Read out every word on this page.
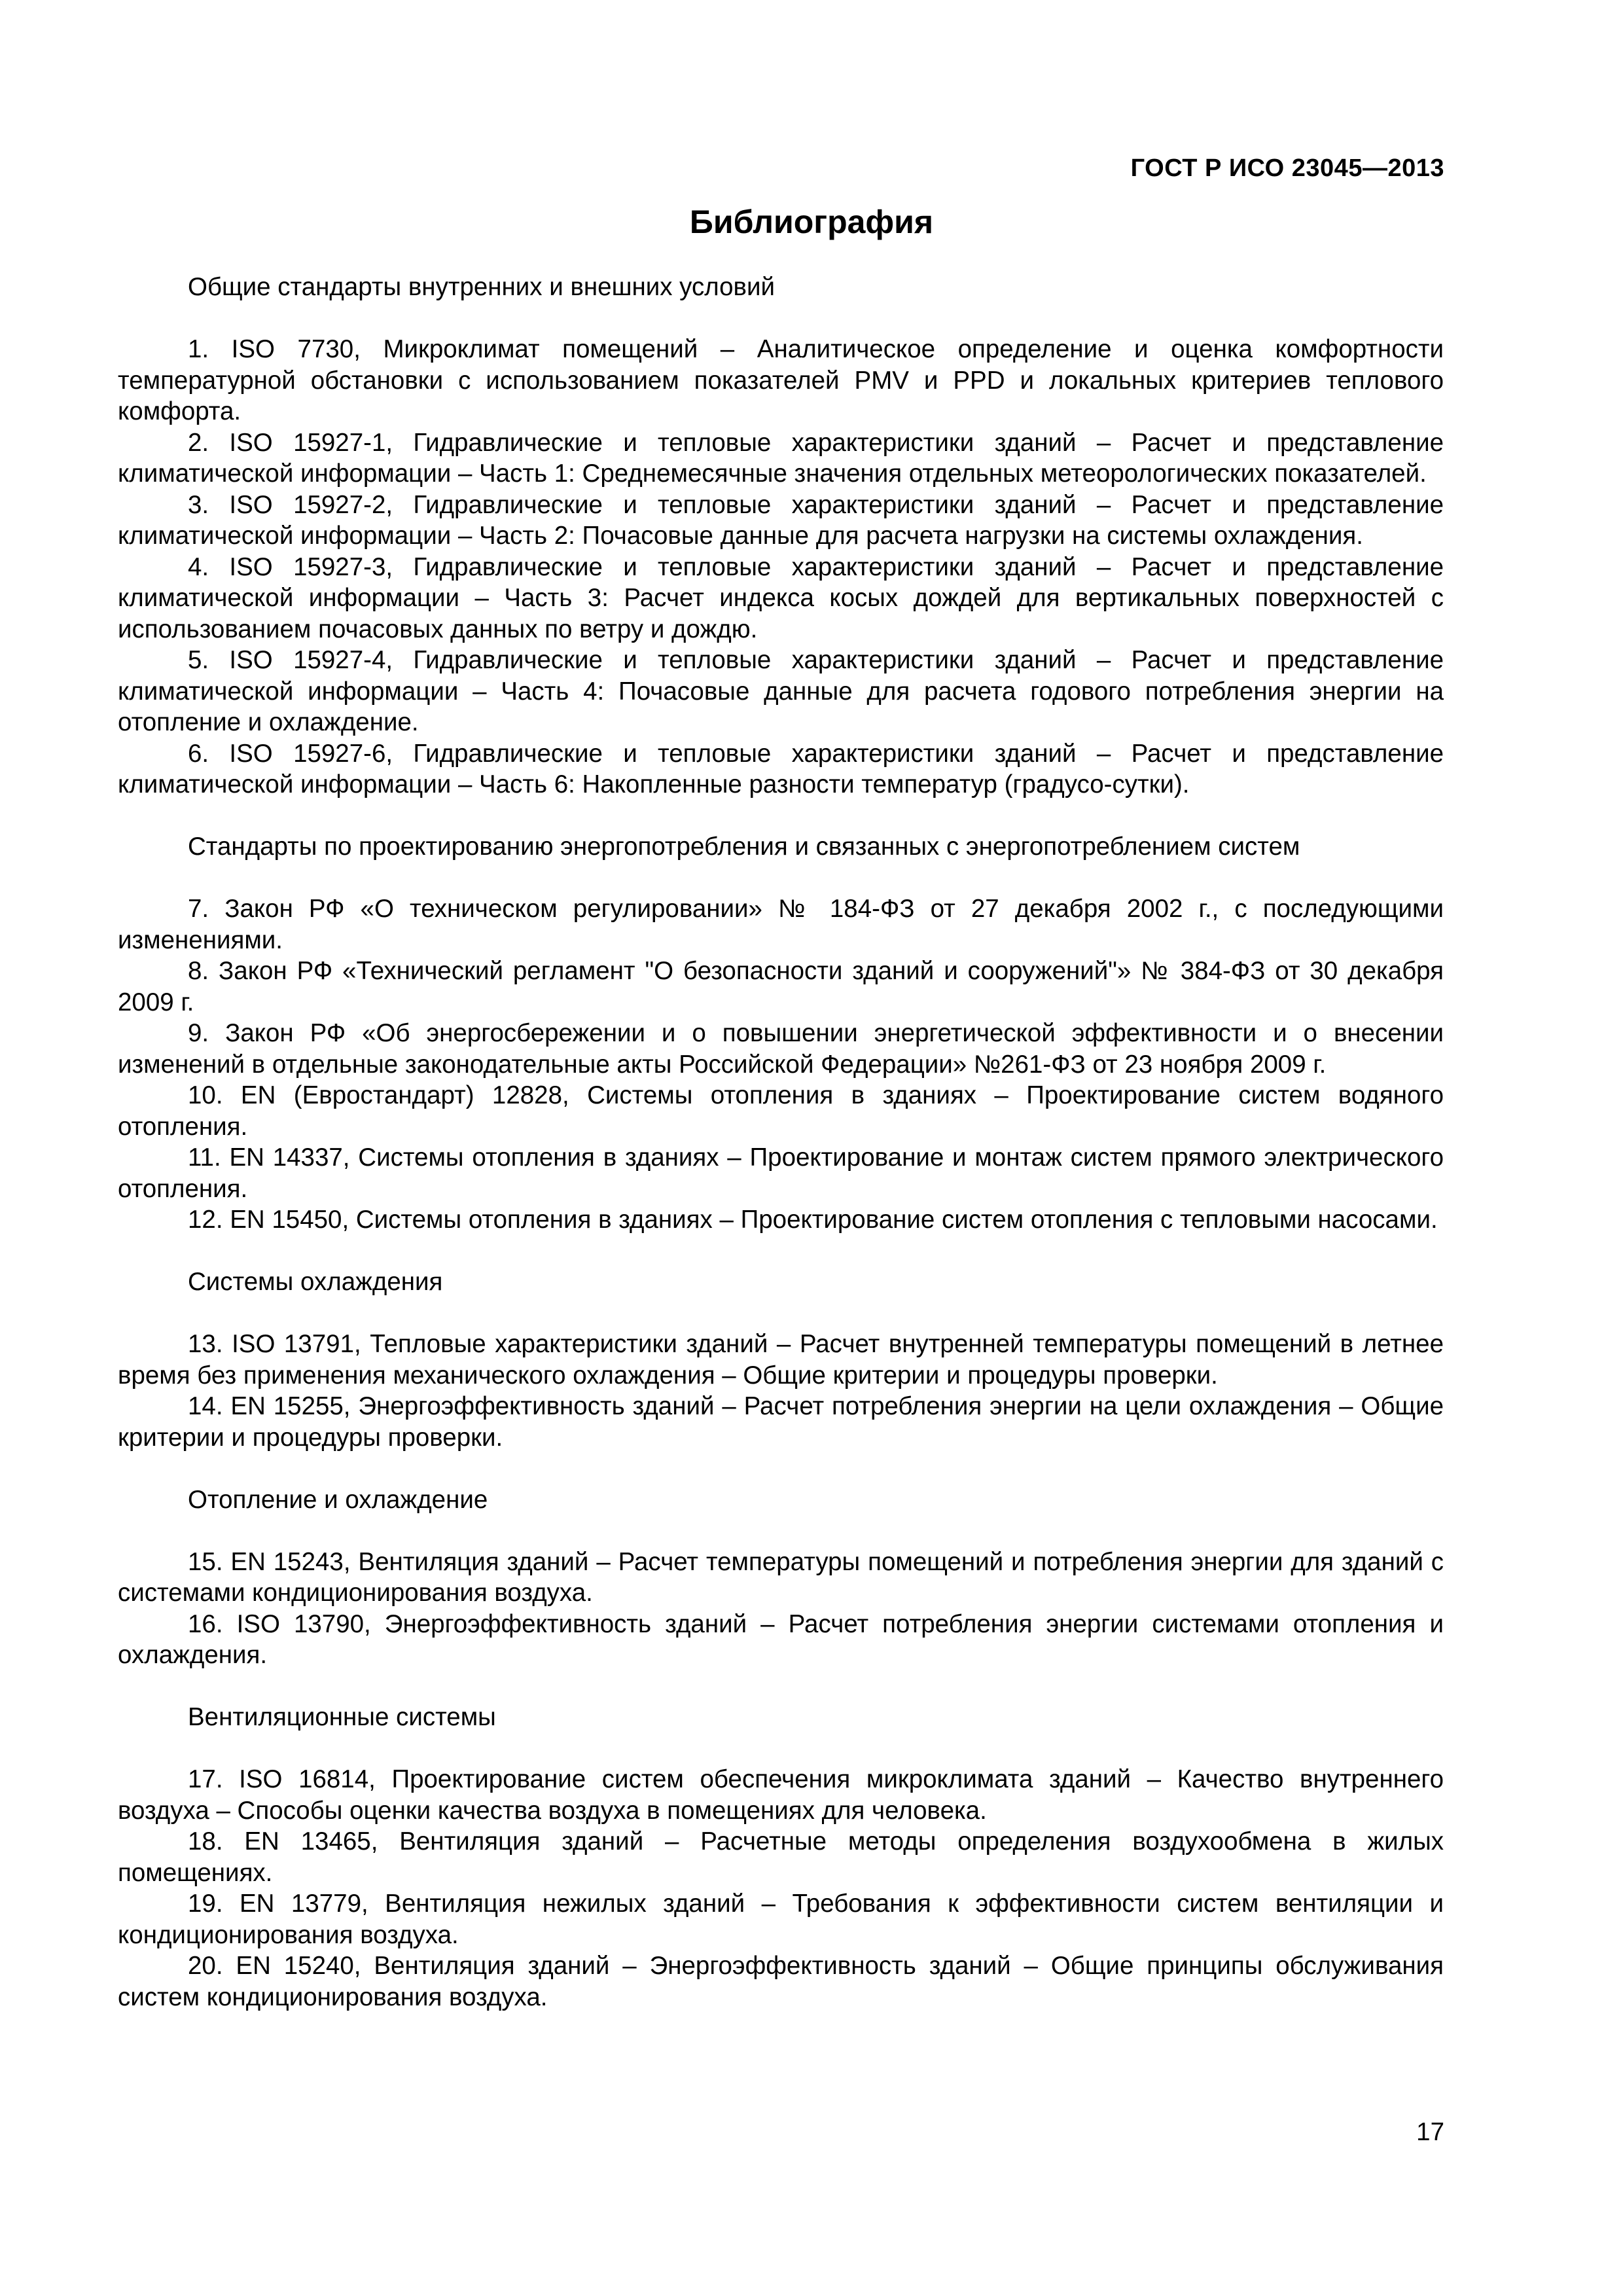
ГОСТ Р ИСО 23045—2013
Библиография

Общие стандарты внутренних и внешних условий

1. ISO 7730, Микроклимат помещений – Аналитическое определение и оценка комфортности температурной обстановки с использованием показателей PMV и PPD и локальных критериев теплового комфорта.

2. ISO 15927-1, Гидравлические и тепловые характеристики зданий – Расчет и представление климатической информации – Часть 1: Среднемесячные значения отдельных метеорологических показателей.

3. ISO 15927-2, Гидравлические и тепловые характеристики зданий – Расчет и представление климатической информации – Часть 2: Почасовые данные для расчета нагрузки на системы охлаждения.

4. ISO 15927-3, Гидравлические и тепловые характеристики зданий – Расчет и представление климатической информации – Часть 3: Расчет индекса косых дождей для вертикальных поверхностей с использованием почасовых данных по ветру и дождю.

5. ISO 15927-4, Гидравлические и тепловые характеристики зданий – Расчет и представление климатической информации – Часть 4: Почасовые данные для расчета годового потребления энергии на отопление и охлаждение.

6. ISO 15927-6, Гидравлические и тепловые характеристики зданий – Расчет и представление климатической информации – Часть 6: Накопленные разности температур (градусо-сутки).

Стандарты по проектированию энергопотребления и связанных с энергопотреблением систем

7. Закон РФ «О техническом регулировании» № 184-ФЗ от 27 декабря 2002 г., с последующими изменениями.

8. Закон РФ «Технический регламент "О безопасности зданий и сооружений"» № 384-ФЗ от 30 декабря 2009 г.

9. Закон РФ «Об энергосбережении и о повышении энергетической эффективности и о внесении изменений в отдельные законодательные акты Российской Федерации» №261-ФЗ от 23 ноября 2009 г.

10. EN (Евростандарт) 12828, Системы отопления в зданиях – Проектирование систем водяного отопления.

11. EN 14337, Системы отопления в зданиях – Проектирование и монтаж систем прямого электрического отопления.

12. EN 15450, Системы отопления в зданиях – Проектирование систем отопления с тепловыми насосами.

Системы охлаждения

13. ISO 13791, Тепловые характеристики зданий – Расчет внутренней температуры помещений в летнее время без применения механического охлаждения – Общие критерии и процедуры проверки.

14. EN 15255, Энергоэффективность зданий – Расчет потребления энергии на цели охлаждения – Общие критерии и процедуры проверки.

Отопление и охлаждение

15. EN 15243, Вентиляция зданий – Расчет температуры помещений и потребления энергии для зданий с системами кондиционирования воздуха.

16. ISO 13790, Энергоэффективность зданий – Расчет потребления энергии системами отопления и охлаждения.

Вентиляционные системы

17. ISO 16814, Проектирование систем обеспечения микроклимата зданий – Качество внутреннего воздуха – Способы оценки качества воздуха в помещениях для человека.

18. EN 13465, Вентиляция зданий – Расчетные методы определения воздухообмена в жилых помещениях.

19. EN 13779, Вентиляция нежилых зданий – Требования к эффективности систем вентиляции и кондиционирования воздуха.

20. EN 15240, Вентиляция зданий – Энергоэффективность зданий – Общие принципы обслуживания систем кондиционирования воздуха.

17
